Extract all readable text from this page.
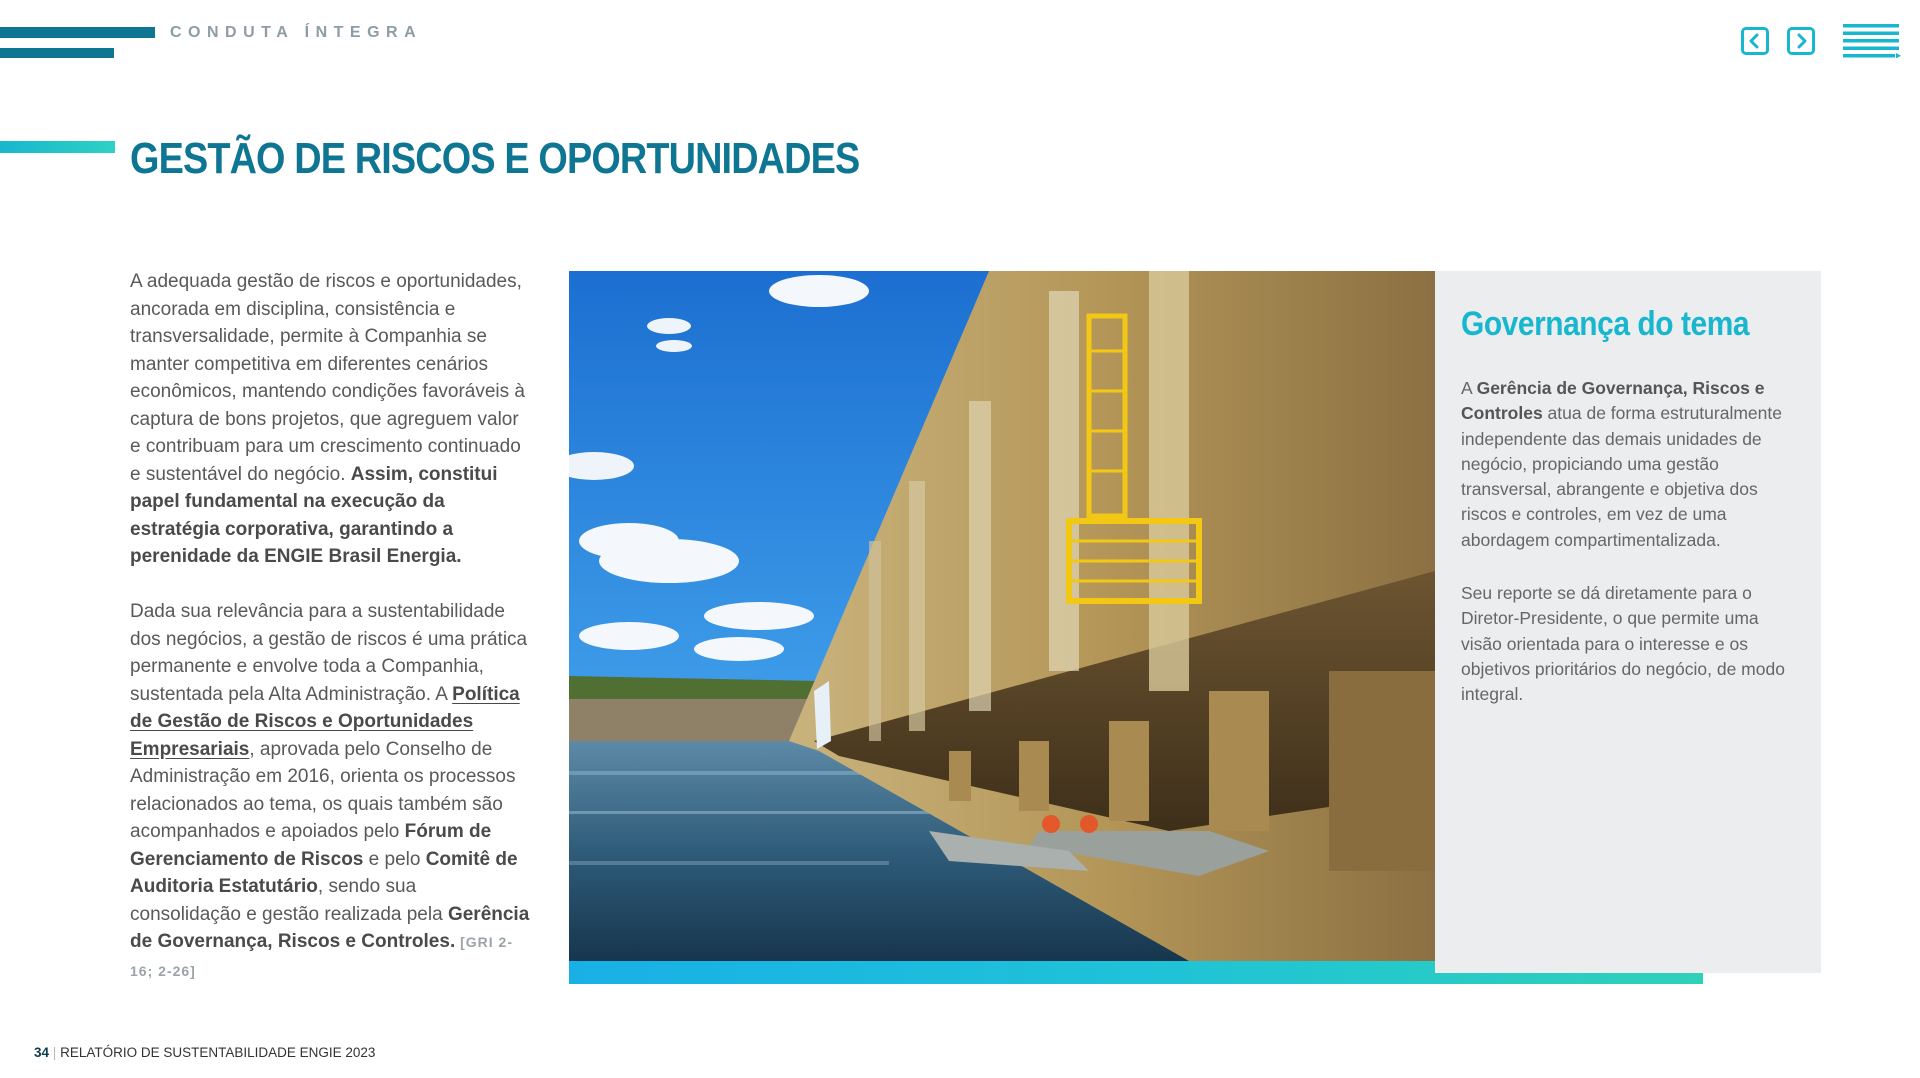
CONDUTA ÍNTEGRA
GESTÃO DE RISCOS E OPORTUNIDADES

A adequada gestão de riscos e oportunidades, ancorada em disciplina, consistência e transversalidade, permite à Companhia se manter competitiva em diferentes cenários econômicos, mantendo condições favoráveis à captura de bons projetos, que agreguem valor e contribuam para um crescimento continuado e sustentável do negócio. Assim, constitui papel fundamental na execução da estratégia corporativa, garantindo a perenidade da ENGIE Brasil Energia.

Dada sua relevância para a sustentabilidade dos negócios, a gestão de riscos é uma prática permanente e envolve toda a Companhia, sustentada pela Alta Administração. A Política de Gestão de Riscos e Oportunidades Empresariais, aprovada pelo Conselho de Administração em 2016, orienta os processos relacionados ao tema, os quais também são acompanhados e apoiados pelo Fórum de Gerenciamento de Riscos e pelo Comitê de Auditoria Estatutário, sendo sua consolidação e gestão realizada pela Gerência de Governança, Riscos e Controles. [GRI 2-16; 2-26]

Governança do tema

A Gerência de Governança, Riscos e Controles atua de forma estruturalmente independente das demais unidades de negócio, propiciando uma gestão transversal, abrangente e objetiva dos riscos e controles, em vez de uma abordagem compartimentalizada.

Seu reporte se dá diretamente para o Diretor-Presidente, o que permite uma visão orientada para o interesse e os objetivos prioritários do negócio, de modo integral.

34 | RELATÓRIO DE SUSTENTABILIDADE ENGIE 2023
